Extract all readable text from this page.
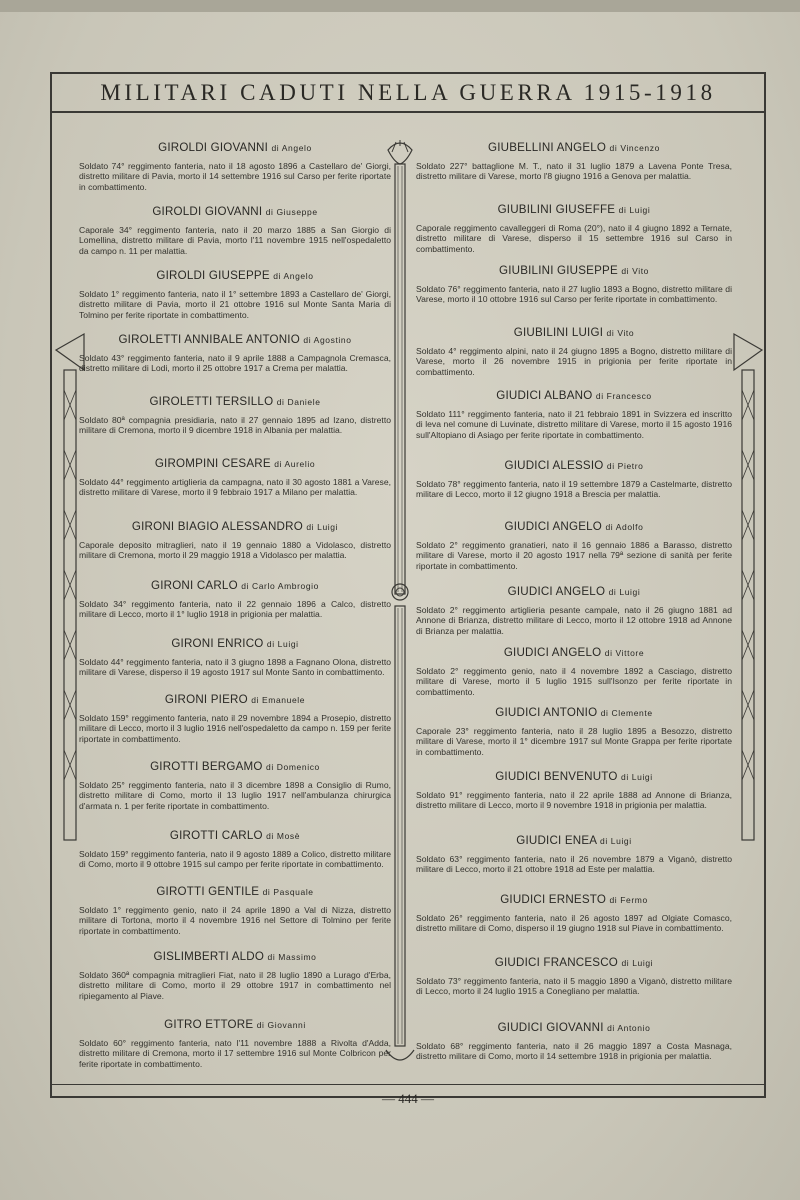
MILITARI CADUTI NELLA GUERRA 1915-1918
GIROLDI GIOVANNI di Angelo
Soldato 74° reggimento fanteria, nato il 18 agosto 1896 a Castellaro de' Giorgi, distretto militare di Pavia, morto il 14 settembre 1916 sul Carso per ferite riportate in combattimento.
GIROLDI GIOVANNI di Giuseppe
Caporale 34° reggimento fanteria, nato il 20 marzo 1885 a San Giorgio di Lomellina, distretto militare di Pavia, morto l'11 novembre 1915 nell'ospedaletto da campo n. 11 per malattia.
GIROLDI GIUSEPPE di Angelo
Soldato 1° reggimento fanteria, nato il 1° settembre 1893 a Castellaro de' Giorgi, distretto militare di Pavia, morto il 21 ottobre 1916 sul Monte Santa Maria di Tolmino per ferite riportate in combattimento.
GIROLETTI ANNIBALE ANTONIO di Agostino
Soldato 43° reggimento fanteria, nato il 9 aprile 1888 a Campagnola Cremasca, distretto militare di Lodi, morto il 25 ottobre 1917 a Crema per malattia.
GIROLETTI TERSILLO di Daniele
Soldato 80ª compagnia presidiaria, nato il 27 gennaio 1895 ad Izano, distretto militare di Cremona, morto il 9 dicembre 1918 in Albania per malattia.
GIROMPINI CESARE di Aurelio
Soldato 44° reggimento artiglieria da campagna, nato il 30 agosto 1881 a Varese, distretto militare di Varese, morto il 9 febbraio 1917 a Milano per malattia.
GIRONI BIAGIO ALESSANDRO di Luigi
Caporale deposito mitraglieri, nato il 19 gennaio 1880 a Vidolasco, distretto militare di Cremona, morto il 29 maggio 1918 a Vidolasco per malattia.
GIRONI CARLO di Carlo Ambrogio
Soldato 34° reggimento fanteria, nato il 22 gennaio 1896 a Calco, distretto militare di Lecco, morto il 1° luglio 1918 in prigionia per malattia.
GIRONI ENRICO di Luigi
Soldato 44° reggimento fanteria, nato il 3 giugno 1898 a Fagnano Olona, distretto militare di Varese, disperso il 19 agosto 1917 sul Monte Santo in combattimento.
GIRONI PIERO di Emanuele
Soldato 159° reggimento fanteria, nato il 29 novembre 1894 a Prosepio, distretto militare di Lecco, morto il 3 luglio 1916 nell'ospedaletto da campo n. 159 per ferite riportate in combattimento.
GIROTTI BERGAMO di Domenico
Soldato 25° reggimento fanteria, nato il 3 dicembre 1898 a Consiglio di Rumo, distretto militare di Como, morto il 13 luglio 1917 nell'ambulanza chirurgica d'armata n. 1 per ferite riportate in combattimento.
GIROTTI CARLO di Mosè
Soldato 159° reggimento fanteria, nato il 9 agosto 1889 a Colico, distretto militare di Como, morto il 9 ottobre 1915 sul campo per ferite riportate in combattimento.
GIROTTI GENTILE di Pasquale
Soldato 1° reggimento genio, nato il 24 aprile 1890 a Val di Nizza, distretto militare di Tortona, morto il 4 novembre 1916 nel Settore di Tolmino per ferite riportate in combattimento.
GISLIMBERTI ALDO di Massimo
Soldato 360ª compagnia mitraglieri Fiat, nato il 28 luglio 1890 a Lurago d'Erba, distretto militare di Como, morto il 29 ottobre 1917 in combattimento nel ripiegamento al Piave.
GITRO ETTORE di Giovanni
Soldato 60° reggimento fanteria, nato l'11 novembre 1888 a Rivolta d'Adda, distretto militare di Cremona, morto il 17 settembre 1916 sul Monte Colbricon per ferite riportate in combattimento.
GIUBELLINI ANGELO di Vincenzo
Soldato 227° battaglione M. T., nato il 31 luglio 1879 a Lavena Ponte Tresa, distretto militare di Varese, morto l'8 giugno 1916 a Genova per malattia.
GIUBILINI GIUSEFFE di Luigi
Caporale reggimento cavalleggeri di Roma (20°), nato il 4 giugno 1892 a Ternate, distretto militare di Varese, disperso il 15 settembre 1916 sul Carso in combattimento.
GIUBILINI GIUSEPPE di Vito
Soldato 76° reggimento fanteria, nato il 27 luglio 1893 a Bogno, distretto militare di Varese, morto il 10 ottobre 1916 sul Carso per ferite riportate in combattimento.
GIUBILINI LUIGI di Vito
Soldato 4° reggimento alpini, nato il 24 giugno 1895 a Bogno, distretto militare di Varese, morto il 26 novembre 1915 in prigionia per ferite riportate in combattimento.
GIUDICI ALBANO di Francesco
Soldato 111° reggimento fanteria, nato il 21 febbraio 1891 in Svizzera ed inscritto di leva nel comune di Luvinate, distretto militare di Varese, morto il 15 agosto 1916 sull'Altopiano di Asiago per ferite riportate in combattimento.
GIUDICI ALESSIO di Pietro
Soldato 78° reggimento fanteria, nato il 19 settembre 1879 a Castelmarte, distretto militare di Lecco, morto il 12 giugno 1918 a Brescia per malattia.
GIUDICI ANGELO di Adolfo
Soldato 2° reggimento granatieri, nato il 16 gennaio 1886 a Barasso, distretto militare di Varese, morto il 20 agosto 1917 nella 79ª sezione di sanità per ferite riportate in combattimento.
GIUDICI ANGELO di Luigi
Soldato 2° reggimento artiglieria pesante campale, nato il 26 giugno 1881 ad Annone di Brianza, distretto militare di Lecco, morto il 12 ottobre 1918 ad Annone di Brianza per malattia.
GIUDICI ANGELO di Vittore
Soldato 2° reggimento genio, nato il 4 novembre 1892 a Casciago, distretto militare di Varese, morto il 5 luglio 1915 sull'Isonzo per ferite riportate in combattimento.
GIUDICI ANTONIO di Clemente
Caporale 23° reggimento fanteria, nato il 28 luglio 1895 a Besozzo, distretto militare di Varese, morto il 1° dicembre 1917 sul Monte Grappa per ferite riportate in combattimento.
GIUDICI BENVENUTO di Luigi
Soldato 91° reggimento fanteria, nato il 22 aprile 1888 ad Annone di Brianza, distretto militare di Lecco, morto il 9 novembre 1918 in prigionia per malattia.
GIUDICI ENEA di Luigi
Soldato 63° reggimento fanteria, nato il 26 novembre 1879 a Viganò, distretto militare di Lecco, morto il 21 ottobre 1918 ad Este per malattia.
GIUDICI ERNESTO di Fermo
Soldato 26° reggimento fanteria, nato il 26 agosto 1897 ad Olgiate Comasco, distretto militare di Como, disperso il 19 giugno 1918 sul Piave in combattimento.
GIUDICI FRANCESCO di Luigi
Soldato 73° reggimento fanteria, nato il 5 maggio 1890 a Viganò, distretto militare di Lecco, morto il 24 luglio 1915 a Conegliano per malattia.
GIUDICI GIOVANNI di Antonio
Soldato 68° reggimento fanteria, nato il 26 maggio 1897 a Costa Masnaga, distretto militare di Como, morto il 14 settembre 1918 in prigionia per malattia.
— 444 —
